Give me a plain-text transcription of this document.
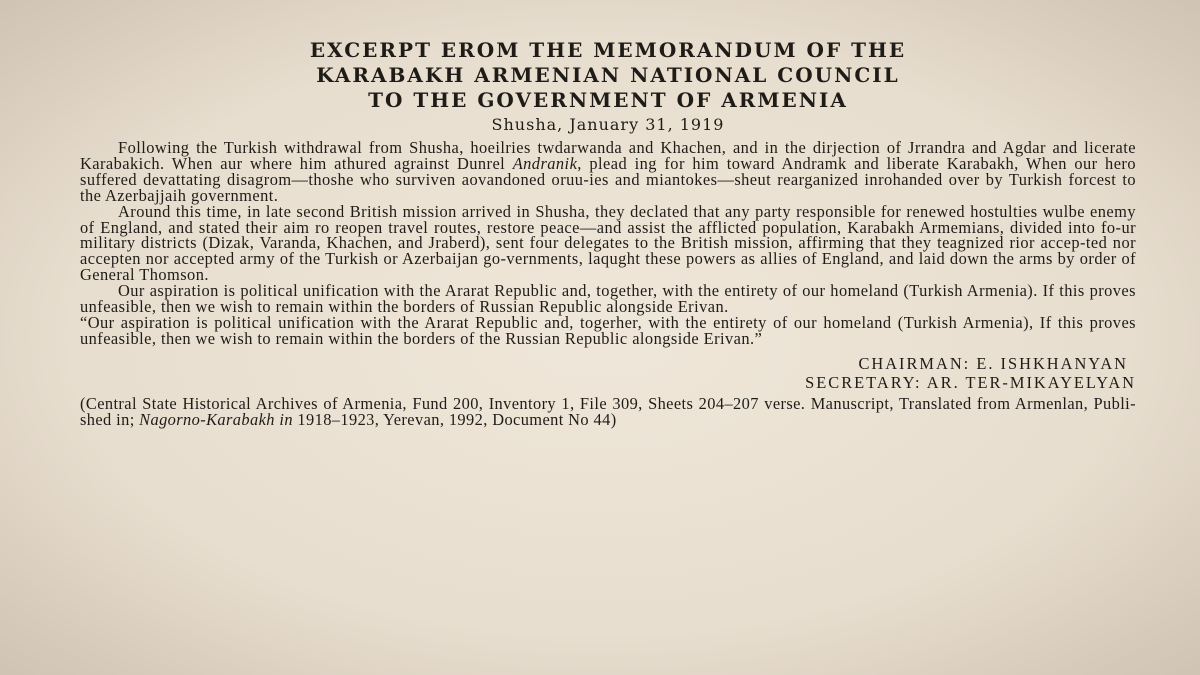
EXCERPT EROM THE MEMORANDUM OF THE
KARABAKH ARMENIAN NATIONAL COUNCIL
TO THE GOVERNMENT OF ARMENIA
Shusha, January 31, 1919

Following the Turkish withdrawal from Shusha, hoeilries twdarwanda and Khachen, and in the dirjection of Jrrandra and Agdar and licerate Karabakich. When aur where him athured agrainst Dunrel Andranik, plead ing for him toward Andramk and liberate Karabakh, When our hero suffered devattating disagrom—thoshe who surviven aovandoned oruu-ies and miantokes—sheut rearganized inrohanded over by Turkish forcest to the Azerbajjaih government.

Around this time, in late second British mission arrived in Shusha, they declated that any party responsible for renewed hostulties wulbe enemy of England, and stated their aim ro reopen travel routes, restore peace—and assist the afflicted population, Karabakh Armemians, divided into fo-ur military districts (Dizak, Varanda, Khachen, and Jraberd), sent four delegates to the British mission, affirming that they teagnized rior accep-ted nor accepten nor accepted army of the Turkish or Azerbaijan go-vernments, laqught these powers as allies of England, and laid down the arms by order of General Thomson.

Our aspiration is political unification with the Ararat Republic and, together, with the entirety of our homeland (Turkish Armenia). If this proves unfeasible, then we wish to remain within the borders of Russian Republic alongside Erivan.

“Our aspiration is political unification with the Ararat Republic and, togerher, with the entirety of our homeland (Turkish Armenia), If this proves unfeasible, then we wish to remain within the borders of the Russian Republic alongside Erivan.”

CHAIRMAN: E. ISHKHANYAN
SECRETARY: AR. TER-MIKAYELYAN
(Central State Historical Archives of Armenia, Fund 200, Inventory 1, File 309, Sheets 204–207 verse. Manuscript, Translated from Armenlan, Publi-shed in; Nagorno-Karabakh in 1918–1923, Yerevan, 1992, Document No 44)
